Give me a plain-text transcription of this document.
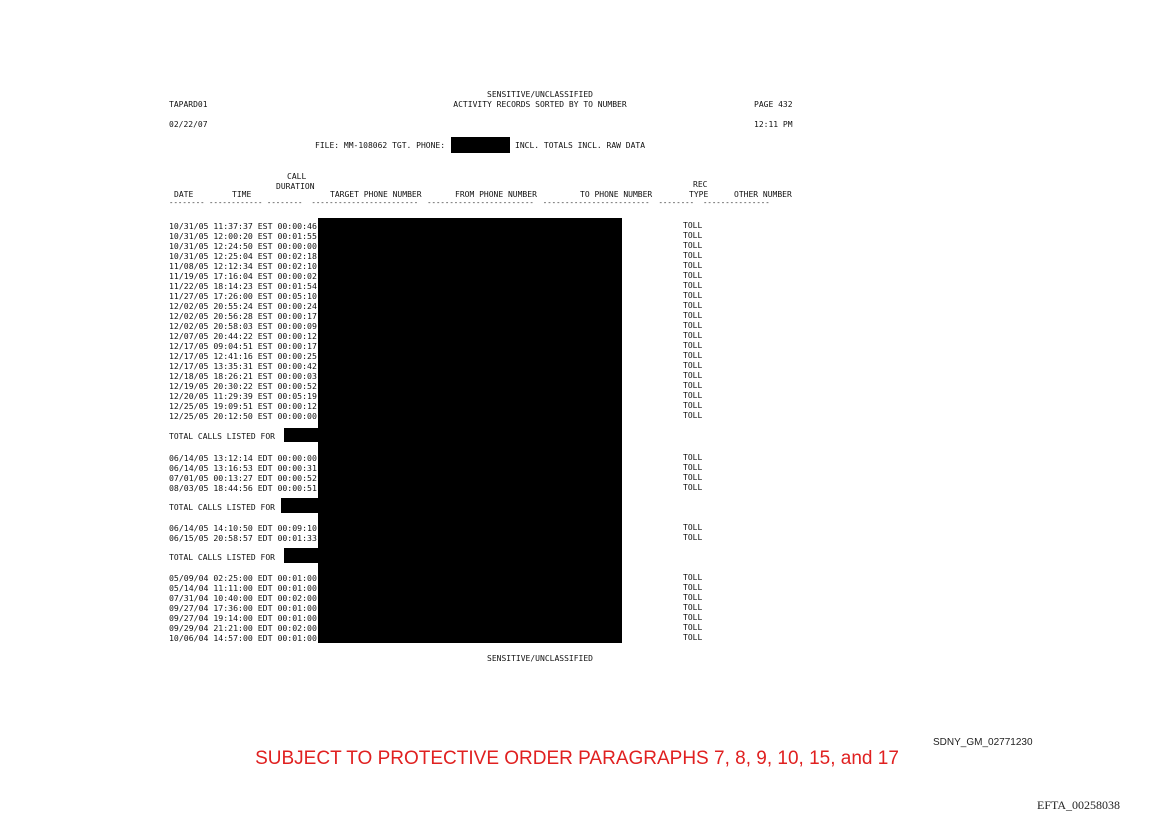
SENSITIVE/UNCLASSIFIED
ACTIVITY RECORDS SORTED BY TO NUMBER
TAPARD01	PAGE 432
02/22/07	12:11 PM
FILE: MM-108062 TGT. PHONE:	INCL. TOTALS INCL. RAW DATA
CALL
DURATION	REC
DATE	TIME	TARGET PHONE NUMBER	FROM PHONE NUMBER	TO PHONE NUMBER	TYPE	OTHER NUMBER
-------- ------------ --------  ------------------------  ------------------------  ------------------------  --------  ---------------
10/31/05 11:37:37 EST 00:00:46	TOLL
10/31/05 12:00:20 EST 00:01:55	TOLL
10/31/05 12:24:50 EST 00:00:00	TOLL
10/31/05 12:25:04 EST 00:02:18	TOLL
11/08/05 12:12:34 EST 00:02:10	TOLL
11/19/05 17:16:04 EST 00:00:02	TOLL
11/22/05 18:14:23 EST 00:01:54	TOLL
11/27/05 17:26:00 EST 00:05:10	TOLL
12/02/05 20:55:24 EST 00:00:24	TOLL
12/02/05 20:56:28 EST 00:00:17	TOLL
12/02/05 20:58:03 EST 00:00:09	TOLL
12/07/05 20:44:22 EST 00:00:12	TOLL
12/17/05 09:04:51 EST 00:00:17	TOLL
12/17/05 12:41:16 EST 00:00:25	TOLL
12/17/05 13:35:31 EST 00:00:42	TOLL
12/18/05 18:26:21 EST 00:00:03	TOLL
12/19/05 20:30:22 EST 00:00:52	TOLL
12/20/05 11:29:39 EST 00:05:19	TOLL
12/25/05 19:09:51 EST 00:00:12	TOLL
12/25/05 20:12:50 EST 00:00:00	TOLL
TOTAL CALLS LISTED FOR
06/14/05 13:12:14 EDT 00:00:00	TOLL
06/14/05 13:16:53 EDT 00:00:31	TOLL
07/01/05 00:13:27 EDT 00:00:52	TOLL
08/03/05 18:44:56 EDT 00:00:51	TOLL
TOTAL CALLS LISTED FOR
06/14/05 14:10:50 EDT 00:09:10	TOLL
06/15/05 20:58:57 EDT 00:01:33	TOLL
TOTAL CALLS LISTED FOR
05/09/04 02:25:00 EDT 00:01:00	TOLL
05/14/04 11:11:00 EDT 00:01:00	TOLL
07/31/04 10:40:00 EDT 00:02:00	TOLL
09/27/04 17:36:00 EDT 00:01:00	TOLL
09/27/04 19:14:00 EDT 00:01:00	TOLL
09/29/04 21:21:00 EDT 00:02:00	TOLL
10/06/04 14:57:00 EDT 00:01:00	TOLL
SENSITIVE/UNCLASSIFIED
SDNY_GM_02771230
SUBJECT TO PROTECTIVE ORDER PARAGRAPHS 7, 8, 9, 10, 15, and 17
EFTA_00258038
